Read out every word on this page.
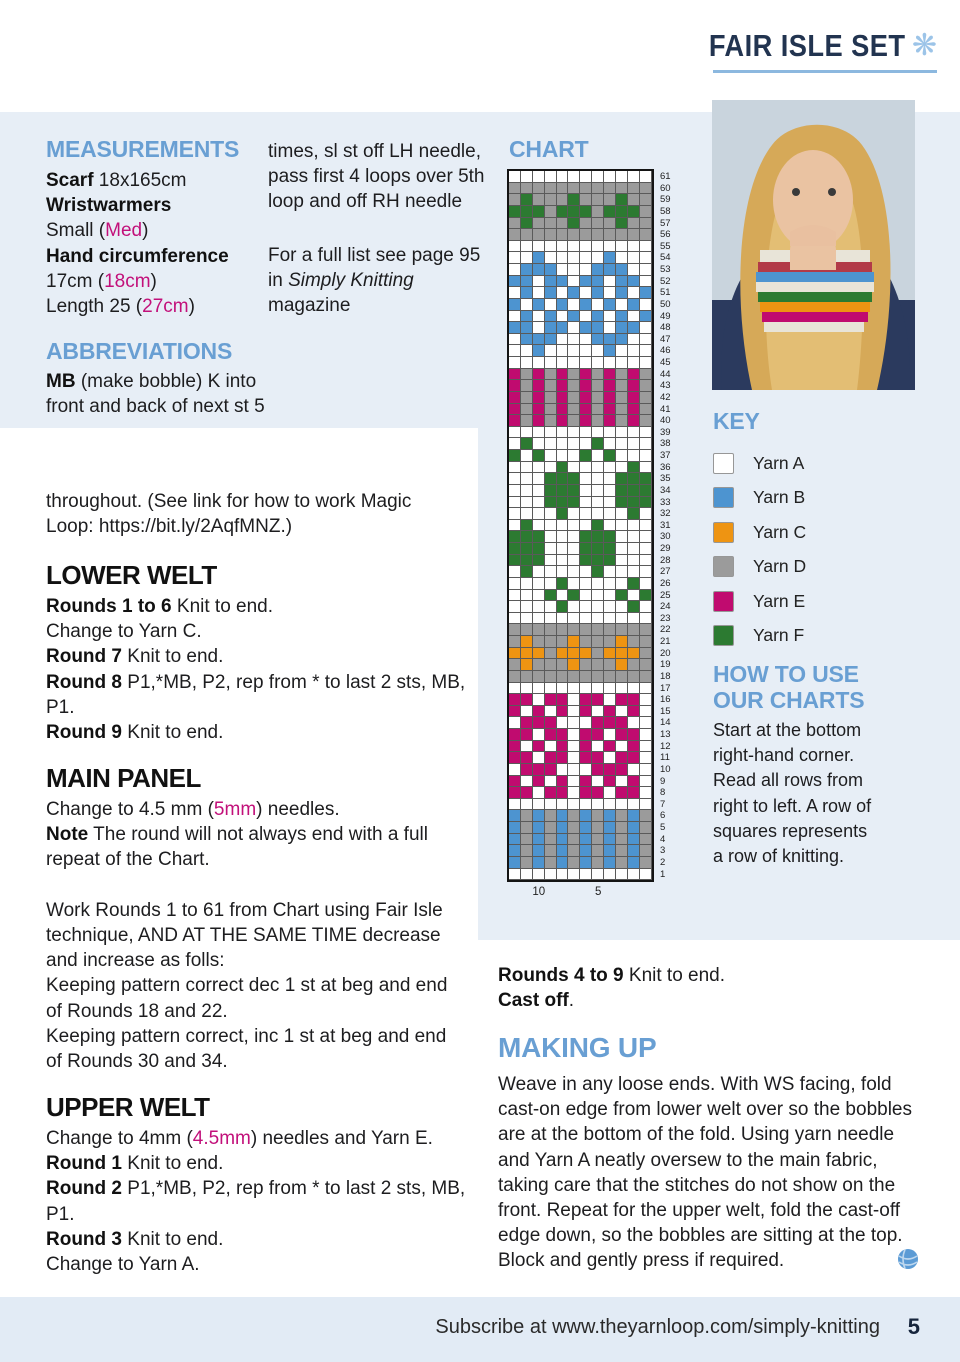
FAIR ISLE SET ❋
MEASUREMENTS
Scarf 18x165cm
Wristwarmers
Small (Med)
Hand circumference
17cm (18cm)
Length 25 (27cm)
ABBREVIATIONS
MB (make bobble) K into
front and back of next st 5
times, sl st off LH needle,
pass first 4 loops over 5th
loop and off RH needle
For a full list see page 95
in Simply Knitting
magazine
CHART
61
60
59
58
57
56
55
54
53
52
51
50
49
48
47
46
45
44
43
42
41
40
39
38
37
36
35
34
33
32
31
30
29
28
27
26
25
24
23
22
21
20
19
18
17
16
15
14
13
12
11
10
9
8
7
6
5
4
3
2
1
10	5
KEY
Yarn A
Yarn B
Yarn C
Yarn D
Yarn E
Yarn F
HOW TO USE
OUR CHARTS
Start at the bottom
right-hand corner.
Read all rows from
right to left. A row of
squares represents
a row of knitting.
throughout. (See link for how to work Magic
Loop: https://bit.ly/2AqfMNZ.)
LOWER WELT
Rounds 1 to 6 Knit to end.
Change to Yarn C.
Round 7 Knit to end.
Round 8 P1,*MB, P2, rep from * to last 2 sts, MB,
P1.
Round 9 Knit to end.
MAIN PANEL
Change to 4.5 mm (5mm) needles.
Note The round will not always end with a full
repeat of the Chart.

Work Rounds 1 to 61 from Chart using Fair Isle
technique, AND AT THE SAME TIME decrease
and increase as folls:
Keeping pattern correct dec 1 st at beg and end
of Rounds 18 and 22.
Keeping pattern correct, inc 1 st at beg and end
of Rounds 30 and 34.
UPPER WELT
Change to 4mm (4.5mm) needles and Yarn E.
Round 1 Knit to end.
Round 2 P1,*MB, P2, rep from * to last 2 sts, MB,
P1.
Round 3 Knit to end.
Change to Yarn A.
Rounds 4 to 9 Knit to end.
Cast off.
MAKING UP
Weave in any loose ends. With WS facing, fold
cast-on edge from lower welt over so the bobbles
are at the bottom of the fold. Using yarn needle
and Yarn A neatly oversew to the main fabric,
taking care that the stitches do not show on the
front. Repeat for the upper welt, fold the cast-off
edge down, so the bobbles are sitting at the top.
Block and gently press if required.
Subscribe at www.theyarnloop.com/simply-knitting 5
